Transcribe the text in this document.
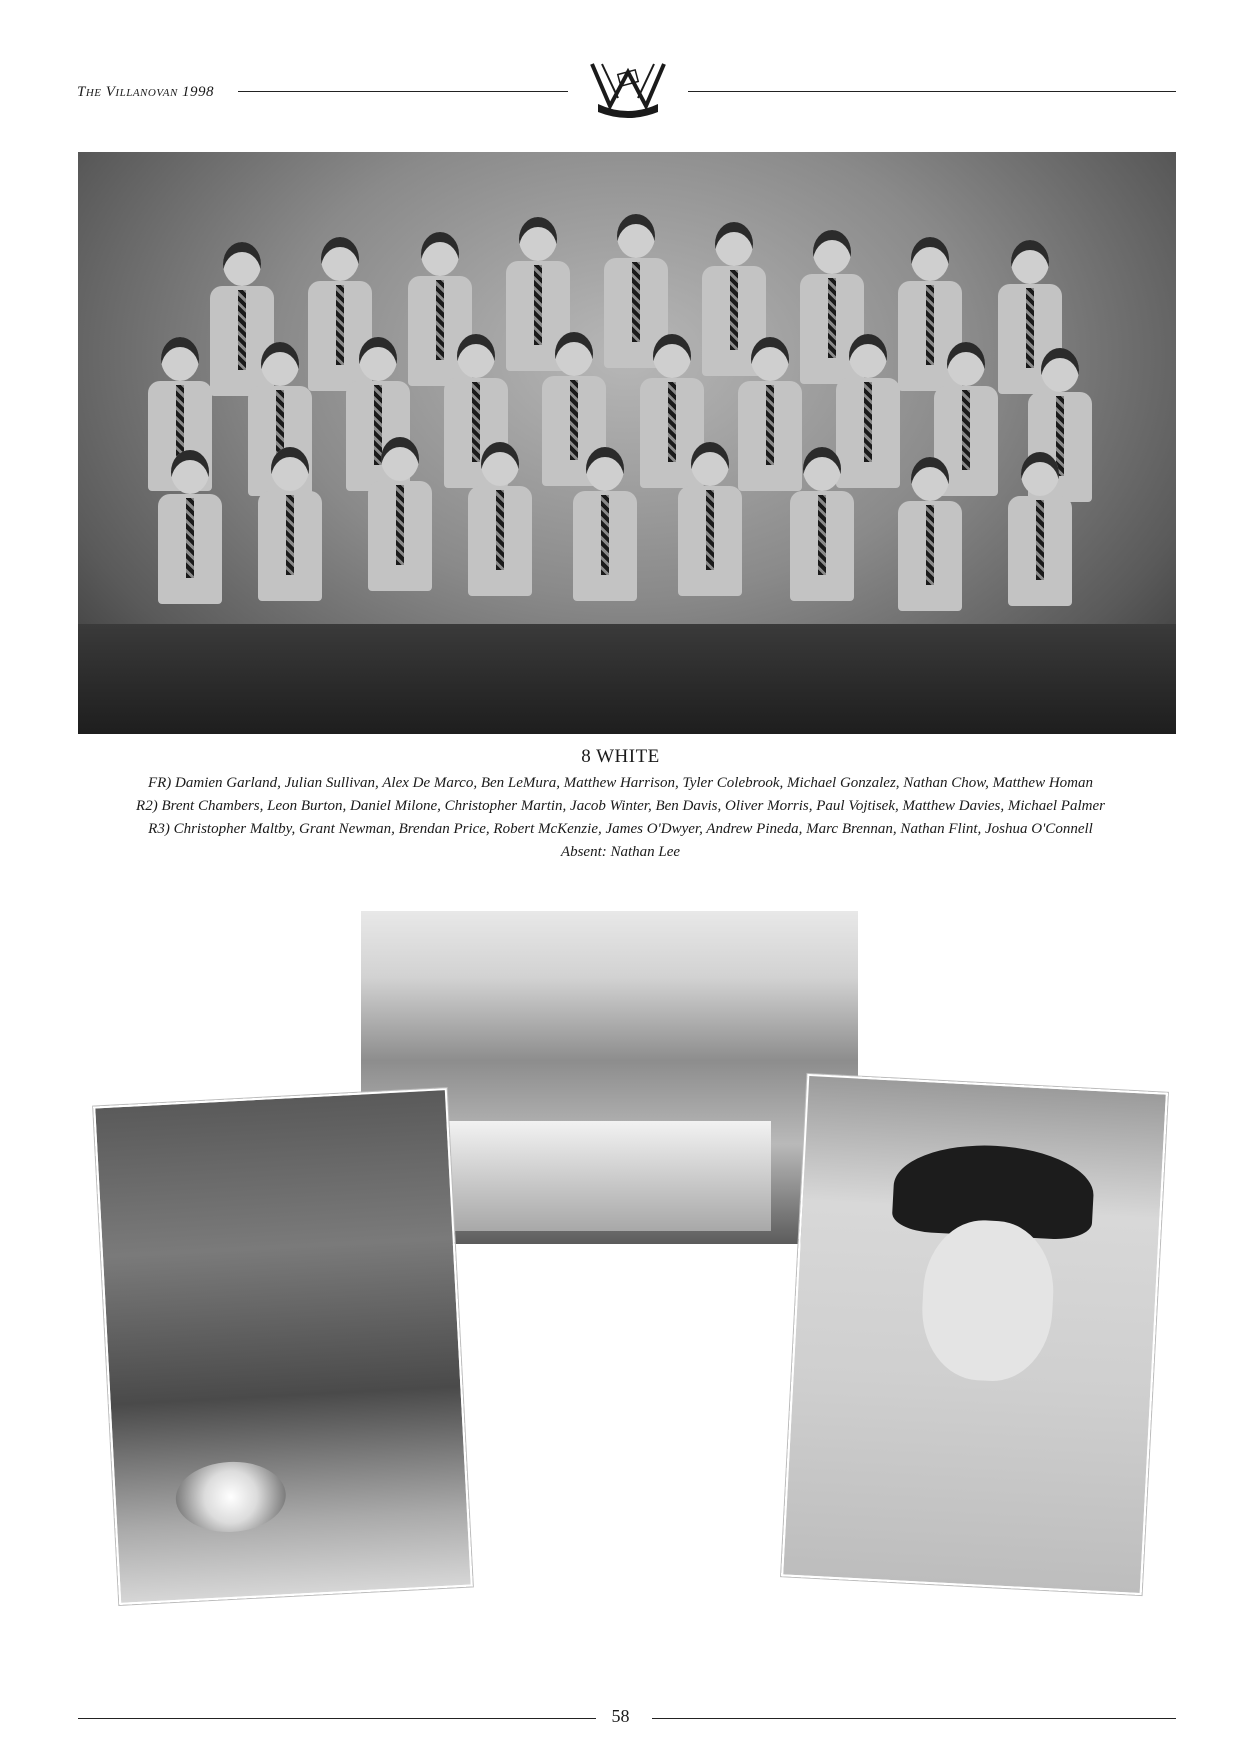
The Villanovan 1998
8 WHITE
FR) Damien Garland, Julian Sullivan, Alex De Marco, Ben LeMura, Matthew Harrison, Tyler Colebrook, Michael Gonzalez, Nathan Chow, Matthew Homan
R2) Brent Chambers, Leon Burton, Daniel Milone, Christopher Martin, Jacob Winter, Ben Davis, Oliver Morris, Paul Vojtisek, Matthew Davies, Michael Palmer
R3) Christopher Maltby, Grant Newman, Brendan Price, Robert McKenzie, James O'Dwyer, Andrew Pineda, Marc Brennan, Nathan Flint, Joshua O'Connell
Absent: Nathan Lee
58
